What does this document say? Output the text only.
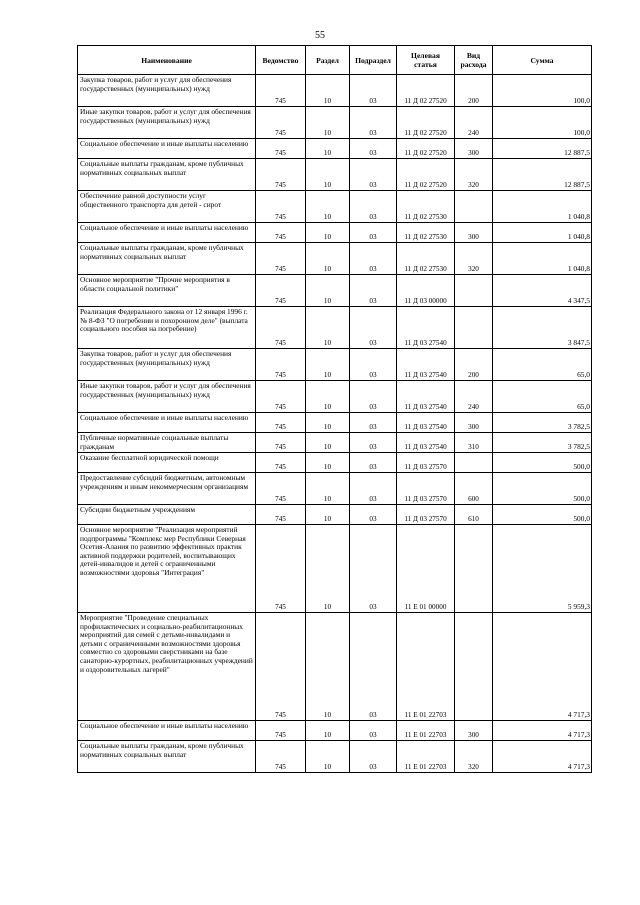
55
Наименование	Ведомство	Раздел	Подраздел	Целевая статья	Вид расхода	Сумма

Закупка товаров, работ и услуг для обеспечения государственных (муниципальных) нужд	745	10	03	11 Д 02 27520	200	100,0

Иные закупки товаров, работ и услуг для обеспечения государственных (муниципальных) нужд	745	10	03	11 Д 02 27520	240	100,0

Социальное обеспечение и иные выплаты населению	745	10	03	11 Д 02 27520	300	12 887,5

Социальные выплаты гражданам, кроме публичных нормативных социальных выплат	745	10	03	11 Д 02 27520	320	12 887,5

Обеспечение равной доступности услуг общественного транспорта для детей - сирот	745	10	03	11 Д 02 27530		1 040,8

Социальное обеспечение и иные выплаты населению	745	10	03	11 Д 02 27530	300	1 040,8

Социальные выплаты гражданам, кроме публичных нормативных социальных выплат	745	10	03	11 Д 02 27530	320	1 040,8

Основное мероприятие "Прочие мероприятия в области социальной политики"	745	10	03	11 Д 03 00000		4 347,5

Реализация Федерального закона от 12 января 1996 г. № 8-ФЗ "О погребении и похоронном деле" (выплата социального пособия на погребение)	745	10	03	11 Д 03 27540		3 847,5

Закупка товаров, работ и услуг для обеспечения государственных (муниципальных) нужд	745	10	03	11 Д 03 27540	200	65,0

Иные закупки товаров, работ и услуг для обеспечения государственных (муниципальных) нужд	745	10	03	11 Д 03 27540	240	65,0

Социальное обеспечение и иные выплаты населению	745	10	03	11 Д 03 27540	300	3 782,5

Публичные нормативные социальные выплаты гражданам	745	10	03	11 Д 03 27540	310	3 782,5

Оказание бесплатной юридической помощи	745	10	03	11 Д 03 27570		500,0

Предоставление субсидий бюджетным, автономным учреждениям и иным некоммерческим организациям	745	10	03	11 Д 03 27570	600	500,0

Субсидии бюджетным учреждениям	745	10	03	11 Д 03 27570	610	500,0

Основное мероприятие "Реализация мероприятий подпрограммы "Комплекс мер Республики Северная Осетия-Алания по развитию эффективных практик активной поддержки родителей, воспитывающих детей-инвалидов и детей с ограниченными возможностями здоровья "Интеграция"	745	10	03	11 Е 01 00000		5 959,3

Мероприятие "Проведение специальных профилактических и социально-реабилитационных мероприятий для семей с детьми-инвалидами и детьми с ограниченными возможностями здоровья совместно со здоровыми сверстниками на базе санаторно-курортных, реабилитационных учреждений и оздоровительных лагерей"	745	10	03	11 Е 01 22703		4 717,3

Социальное обеспечение и иные выплаты населению	745	10	03	11 Е 01 22703	300	4 717,3

Социальные выплаты гражданам, кроме публичных нормативных социальных выплат	745	10	03	11 Е 01 22703	320	4 717,3
